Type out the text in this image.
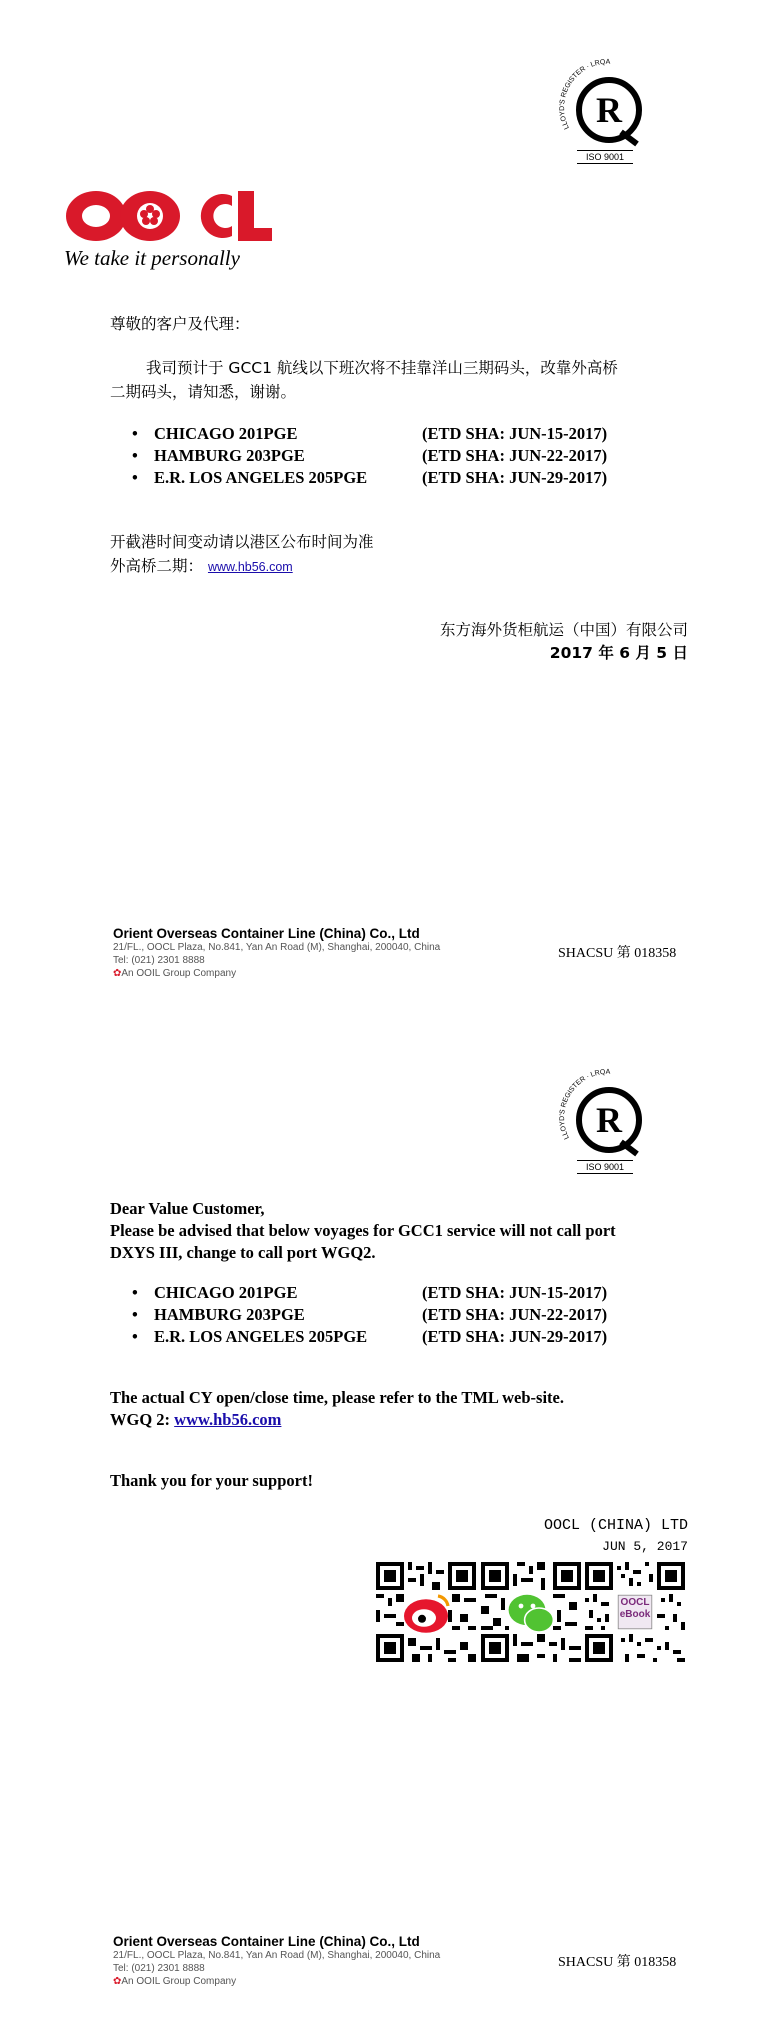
R
LLOYD'S REGISTER · LRQA
ISO 9001
We take it personally
尊敬的客户及代理：
我司预计于 GCC1 航线以下班次将不挂靠洋山三期码头，改靠外高桥
二期码头，请知悉，谢谢。
• CHICAGO 201PGE	(ETD SHA: JUN-15-2017)
• HAMBURG 203PGE	(ETD SHA: JUN-22-2017)
• E.R. LOS ANGELES 205PGE	(ETD SHA: JUN-29-2017)
开截港时间变动请以港区公布时间为准
外高桥二期： www.hb56.com
东方海外货柜航运（中国）有限公司
2017 年 6 月 5 日
Orient Overseas Container Line (China) Co., Ltd
21/FL., OOCL Plaza, No.841, Yan An Road (M), Shanghai, 200040, China
Tel: (021) 2301 8888
✿An OOIL Group Company
SHACSU 第 018358
R
LLOYD'S REGISTER · LRQA
ISO 9001
Dear Value Customer,
Please be advised that below voyages for GCC1 service will not call port
DXYS III, change to call port WGQ2.
• CHICAGO 201PGE	(ETD SHA: JUN-15-2017)
• HAMBURG 203PGE	(ETD SHA: JUN-22-2017)
• E.R. LOS ANGELES 205PGE	(ETD SHA: JUN-29-2017)
The actual CY open/close time, please refer to the TML web-site.
WGQ 2: www.hb56.com
Thank you for your support!
OOCL (CHINA) LTD
JUN 5, 2017
OOCL
eBook
Orient Overseas Container Line (China) Co., Ltd
21/FL., OOCL Plaza, No.841, Yan An Road (M), Shanghai, 200040, China
Tel: (021) 2301 8888
✿An OOIL Group Company
SHACSU 第 018358
